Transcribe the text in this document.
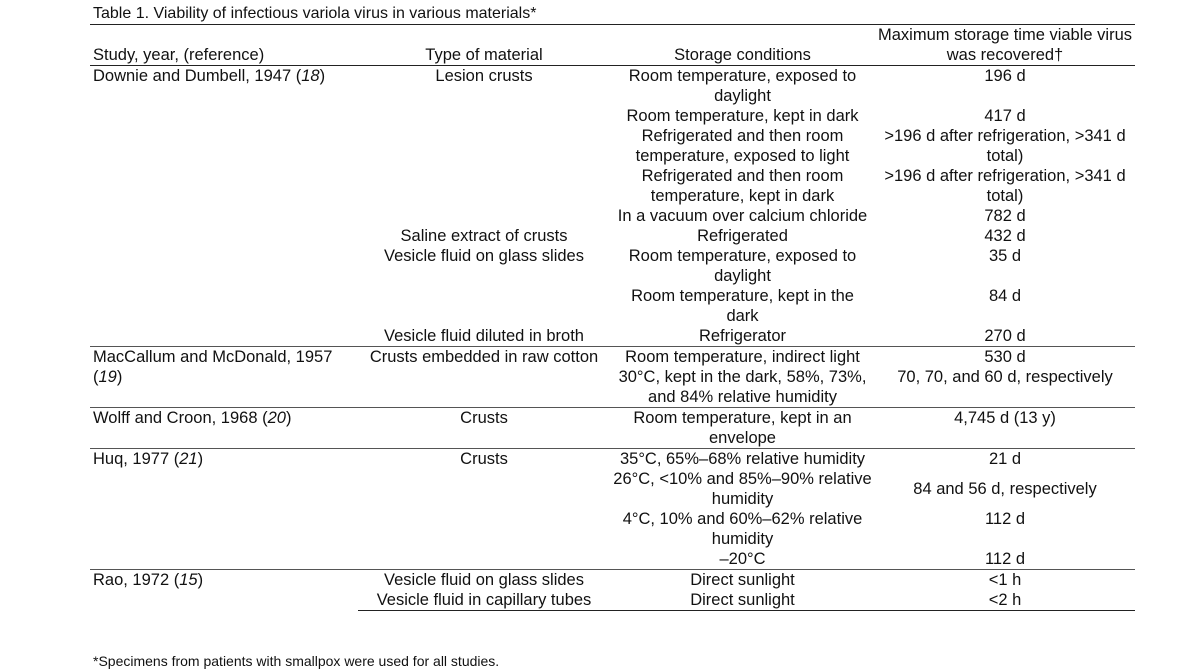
Table 1. Viability of infectious variola virus in various materials*
Study, year, (reference)	Type of material	Storage conditions	Maximum storage time viable virus was recovered†
Downie and Dumbell, 1947 (18)	Lesion crusts	Room temperature, exposed to daylight	196 d
		Room temperature, kept in dark	417 d
		Refrigerated and then room temperature, exposed to light	>196 d after refrigeration, >341 d total)
		Refrigerated and then room temperature, kept in dark	>196 d after refrigeration, >341 d total)
		In a vacuum over calcium chloride	782 d
	Saline extract of crusts	Refrigerated	432 d
	Vesicle fluid on glass slides	Room temperature, exposed to daylight	35 d
		Room temperature, kept in the dark	84 d
	Vesicle fluid diluted in broth	Refrigerator	270 d
MacCallum and McDonald, 1957 (19)	Crusts embedded in raw cotton	Room temperature, indirect light	530 d
		30°C, kept in the dark, 58%, 73%, and 84% relative humidity	70, 70, and 60 d, respectively
Wolff and Croon, 1968 (20)	Crusts	Room temperature, kept in an envelope	4,745 d (13 y)
Huq, 1977 (21)	Crusts	35°C, 65%–68% relative humidity	21 d
		26°C, <10% and 85%–90% relative humidity	84 and 56 d, respectively
		4°C, 10% and 60%–62% relative humidity	112 d
		–20°C	112 d
Rao, 1972 (15)	Vesicle fluid on glass slides	Direct sunlight	<1 h
	Vesicle fluid in capillary tubes	Direct sunlight	<2 h
*Specimens from patients with smallpox were used for all studies.
